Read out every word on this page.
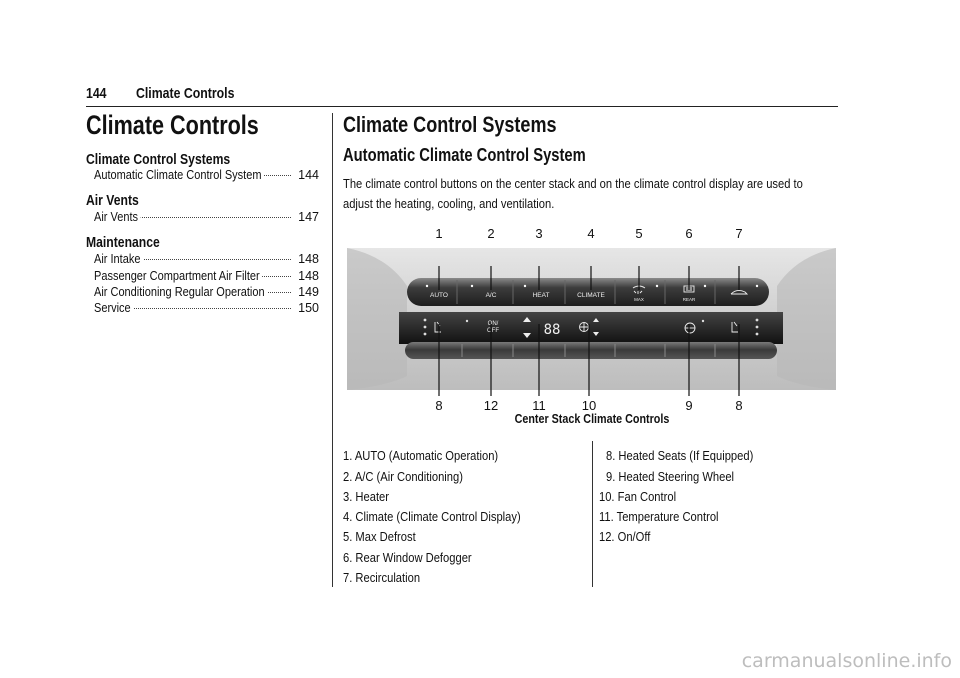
144 Climate Controls
Climate Controls
Climate Control Systems
Automatic Climate Control System	144
Air Vents
Air Vents	147
Maintenance
Air Intake	148
Passenger Compartment Air Filter	148
Air Conditioning Regular Operation	149
Service	150
Climate Control Systems
Automatic Climate Control System
The climate control buttons on the center stack and on the climate control display are used to adjust the heating, cooling, and ventilation.
AUTO	A/C	HEAT	CLIMATE
MAX	REAR
ON/ OFF	88
1	2	3	4	5	6	7
8	12	11	10	9	8
Center Stack Climate Controls
1. AUTO (Automatic Operation)
2. A/C (Air Conditioning)
3. Heater
4. Climate (Climate Control Display)
5. Max Defrost
6. Rear Window Defogger
7. Recirculation
8. Heated Seats (If Equipped)
9. Heated Steering Wheel
10. Fan Control
11. Temperature Control
12. On/Off
carmanualsonline.info
